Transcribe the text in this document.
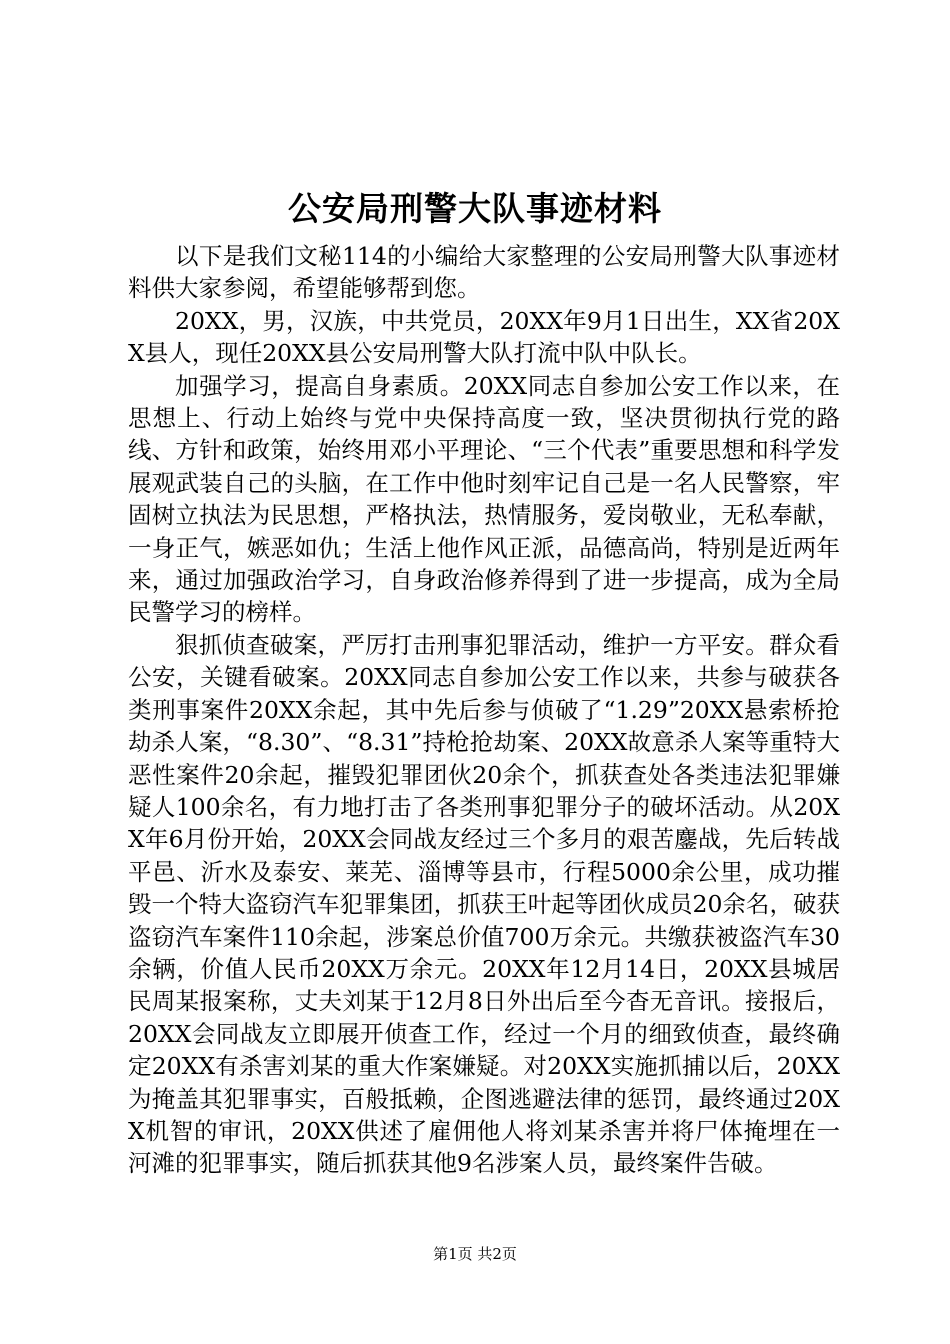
公安局刑警大队事迹材料

以下是我们文秘114的小编给大家整理的公安局刑警大队事迹材料供大家参阅，希望能够帮到您。

20XX，男，汉族，中共党员，20XX年9月1日出生，XX省20XX县人，现任20XX县公安局刑警大队打流中队中队长。

加强学习，提高自身素质。20XX同志自参加公安工作以来，在思想上、行动上始终与党中央保持高度一致，坚决贯彻执行党的路线、方针和政策，始终用邓小平理论、“三个代表”重要思想和科学发展观武装自己的头脑，在工作中他时刻牢记自己是一名人民警察，牢固树立执法为民思想，严格执法，热情服务，爱岗敬业，无私奉献，一身正气，嫉恶如仇；生活上他作风正派，品德高尚，特别是近两年来，通过加强政治学习，自身政治修养得到了进一步提高，成为全局民警学习的榜样。

狠抓侦查破案，严厉打击刑事犯罪活动，维护一方平安。群众看公安，关键看破案。20XX同志自参加公安工作以来，共参与破获各类刑事案件20XX余起，其中先后参与侦破了“1.29”20XX悬索桥抢劫杀人案，“8.30”、“8.31”持枪抢劫案、20XX故意杀人案等重特大恶性案件20余起，摧毁犯罪团伙20余个，抓获查处各类违法犯罪嫌疑人100余名，有力地打击了各类刑事犯罪分子的破坏活动。从20XX年6月份开始，20XX会同战友经过三个多月的艰苦鏖战，先后转战平邑、沂水及泰安、莱芜、淄博等县市，行程5000余公里，成功摧毁一个特大盗窃汽车犯罪集团，抓获王叶起等团伙成员20余名，破获盗窃汽车案件110余起，涉案总价值700万余元。共缴获被盗汽车30余辆，价值人民币20XX万余元。20XX年12月14日，20XX县城居民周某报案称，丈夫刘某于12月8日外出后至今杳无音讯。接报后，20XX会同战友立即展开侦查工作，经过一个月的细致侦查，最终确定20XX有杀害刘某的重大作案嫌疑。对20XX实施抓捕以后，20XX为掩盖其犯罪事实，百般抵赖，企图逃避法律的惩罚，最终通过20XX机智的审讯，20XX供述了雇佣他人将刘某杀害并将尸体掩埋在一河滩的犯罪事实，随后抓获其他9名涉案人员，最终案件告破。

第1页 共2页
